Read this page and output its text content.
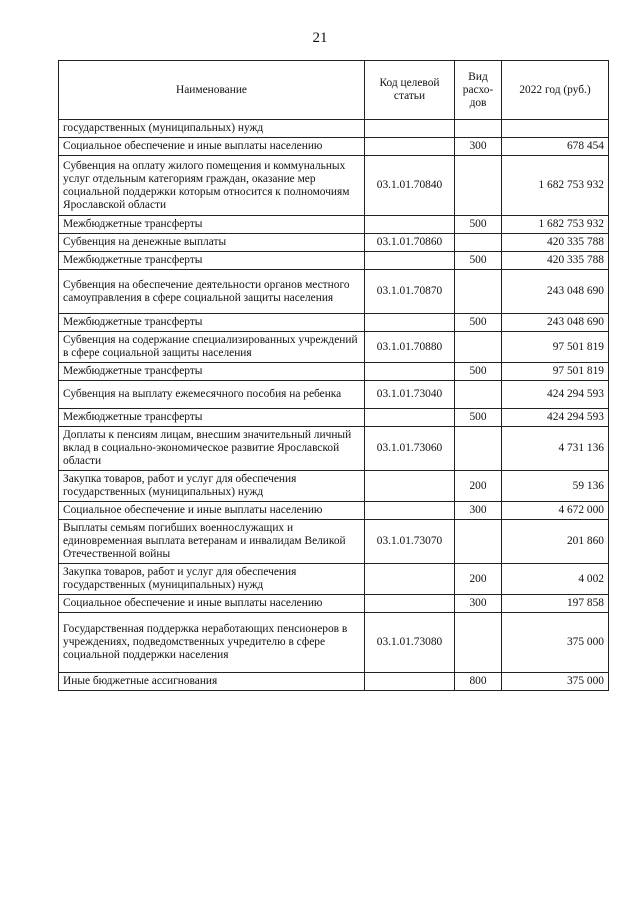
21
Наименование	Код целевой статьи	Вид расхо-дов	2022 год (руб.)
государственных (муниципальных) нужд			
Социальное обеспечение и иные выплаты населению		300	678 454
Субвенция на оплату жилого помещения и коммунальных услуг отдельным категориям граждан, оказание мер социальной поддержки которым относится к полномочиям Ярославской области	03.1.01.70840		1 682 753 932
Межбюджетные трансферты		500	1 682 753 932
Субвенция на денежные выплаты	03.1.01.70860		420 335 788
Межбюджетные трансферты		500	420 335 788
Субвенция на обеспечение деятельности органов местного самоуправления в сфере социальной защиты населения	03.1.01.70870		243 048 690
Межбюджетные трансферты		500	243 048 690
Субвенция на содержание специализированных учреждений в сфере социальной защиты населения	03.1.01.70880		97 501 819
Межбюджетные трансферты		500	97 501 819
Субвенция на выплату ежемесячного пособия на ребенка	03.1.01.73040		424 294 593
Межбюджетные трансферты		500	424 294 593
Доплаты к пенсиям лицам, внесшим значительный личный вклад в социально-экономическое развитие Ярославской области	03.1.01.73060		4 731 136
Закупка товаров, работ и услуг для обеспечения государственных (муниципальных) нужд		200	59 136
Социальное обеспечение и иные выплаты населению		300	4 672 000
Выплаты семьям погибших военнослужащих и единовременная выплата ветеранам и инвалидам Великой Отечественной войны	03.1.01.73070		201 860
Закупка товаров, работ и услуг для обеспечения государственных (муниципальных) нужд		200	4 002
Социальное обеспечение и иные выплаты населению		300	197 858
Государственная поддержка неработающих пенсионеров в учреждениях, подведомственных учредителю в сфере социальной поддержки населения	03.1.01.73080		375 000
Иные бюджетные ассигнования		800	375 000
